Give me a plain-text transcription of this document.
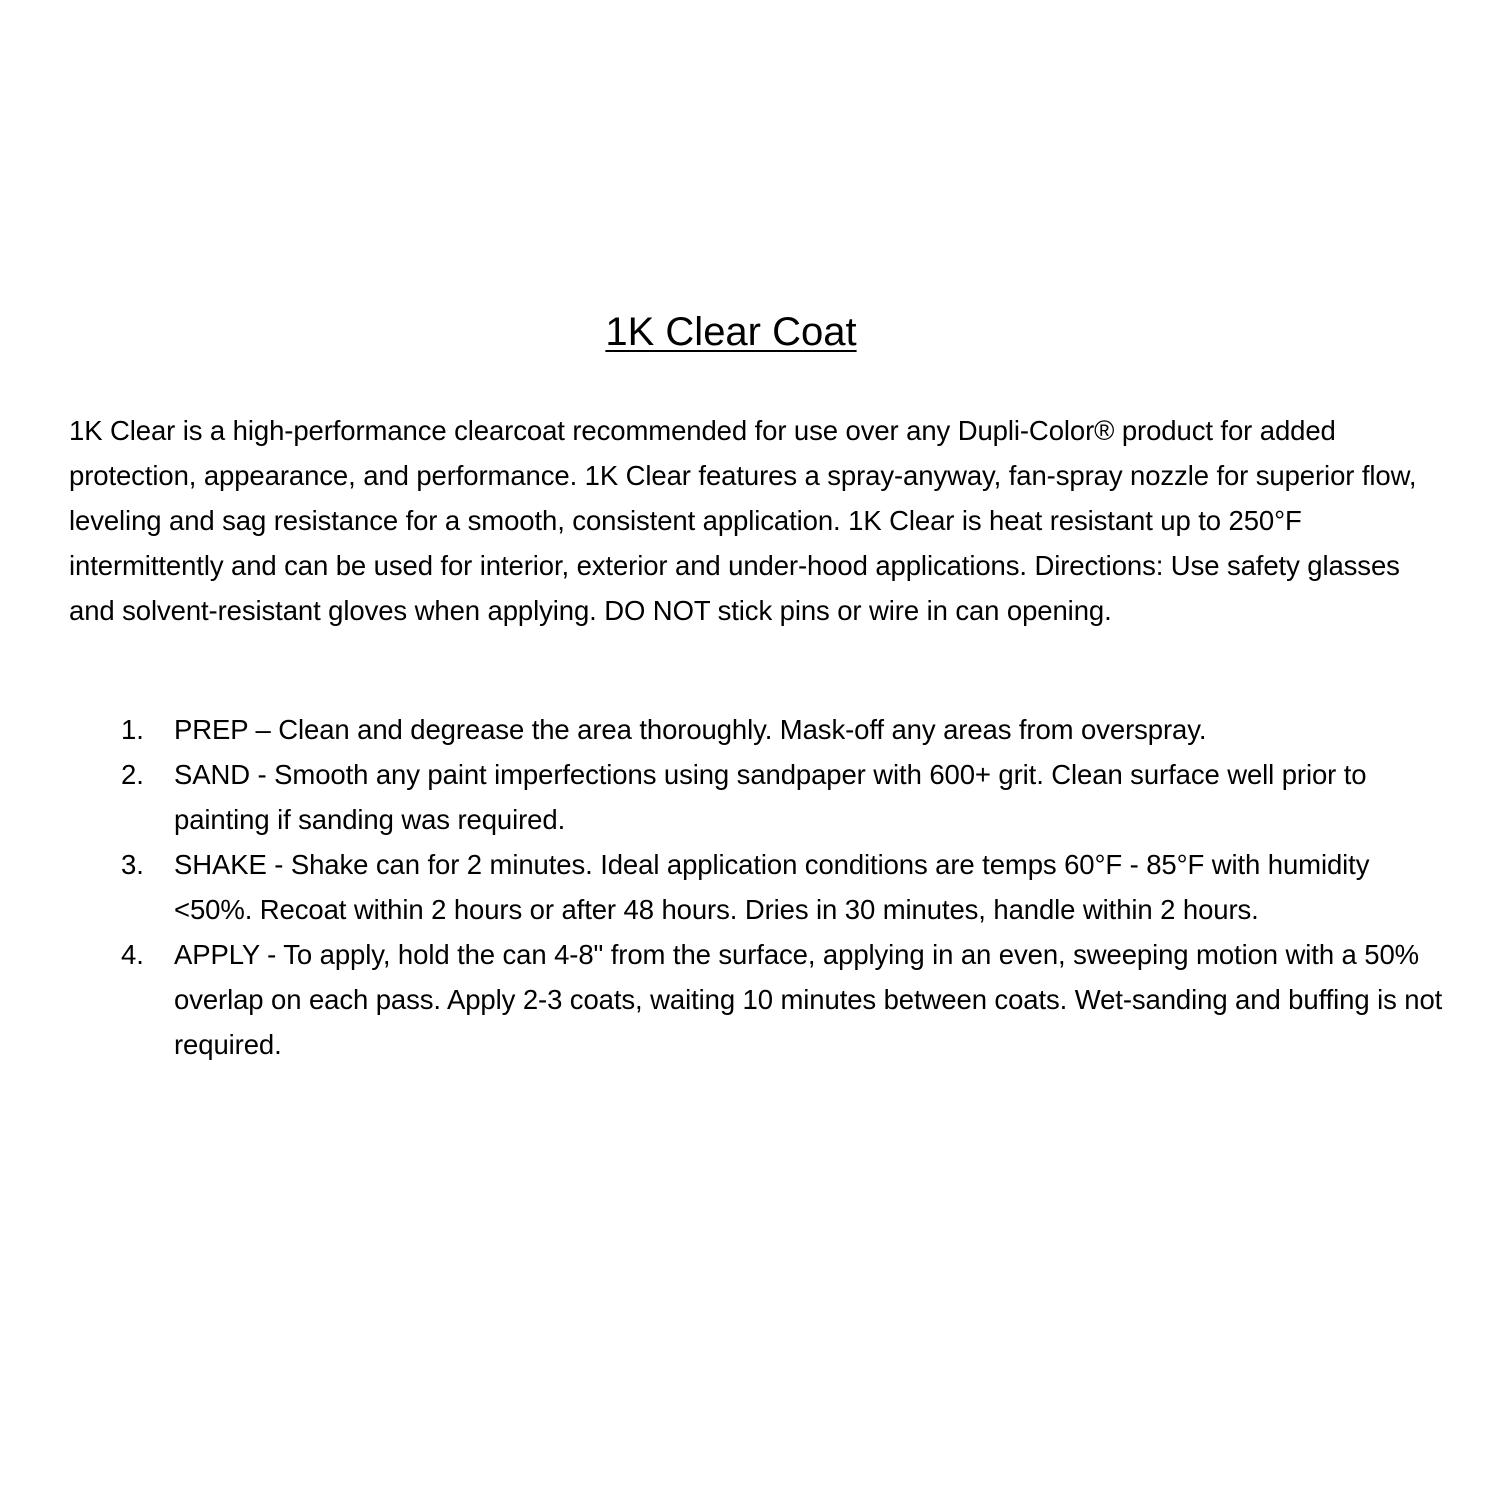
1K Clear Coat

1K Clear is a high-performance clearcoat recommended for use over any Dupli-Color® product for added protection, appearance, and performance. 1K Clear features a spray-anyway, fan-spray nozzle for superior flow, leveling and sag resistance for a smooth, consistent application. 1K Clear is heat resistant up to 250°F intermittently and can be used for interior, exterior and under-hood applications. Directions: Use safety glasses and solvent-resistant gloves when applying. DO NOT stick pins or wire in can opening.

1.	PREP – Clean and degrease the area thoroughly. Mask-off any areas from overspray.
2.	SAND - Smooth any paint imperfections using sandpaper with 600+ grit. Clean surface well prior to painting if sanding was required.
3.	SHAKE - Shake can for 2 minutes. Ideal application conditions are temps 60°F - 85°F with humidity <50%. Recoat within 2 hours or after 48 hours. Dries in 30 minutes, handle within 2 hours.
4.	APPLY - To apply, hold the can 4-8" from the surface, applying in an even, sweeping motion with a 50% overlap on each pass. Apply 2-3 coats, waiting 10 minutes between coats. Wet-sanding and buffing is not required.
